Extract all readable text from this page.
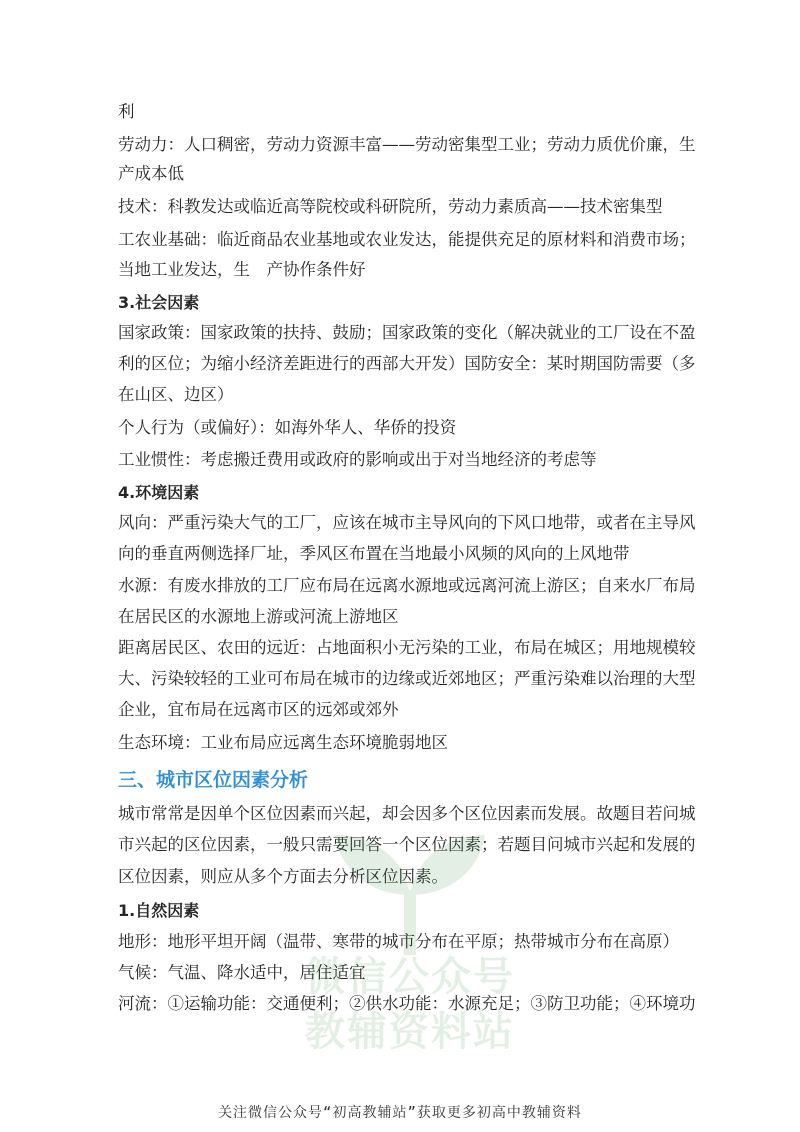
利
劳动力：人口稠密，劳动力资源丰富——劳动密集型工业；劳动力质优价廉，生
产成本低
技术：科教发达或临近高等院校或科研院所，劳动力素质高——技术密集型
工农业基础：临近商品农业基地或农业发达，能提供充足的原材料和消费市场；
当地工业发达，生　产协作条件好
3.社会因素
国家政策：国家政策的扶持、鼓励；国家政策的变化（解决就业的工厂设在不盈
利的区位；为缩小经济差距进行的西部大开发）国防安全：某时期国防需要（多
在山区、边区）
个人行为（或偏好）：如海外华人、华侨的投资
工业惯性：考虑搬迁费用或政府的影响或出于对当地经济的考虑等
4.环境因素
风向：严重污染大气的工厂，应该在城市主导风向的下风口地带，或者在主导风
向的垂直两侧选择厂址，季风区布置在当地最小风频的风向的上风地带
水源：有废水排放的工厂应布局在远离水源地或远离河流上游区；自来水厂布局
在居民区的水源地上游或河流上游地区
距离居民区、农田的远近：占地面积小无污染的工业，布局在城区；用地规模较
大、污染较轻的工业可布局在城市的边缘或近郊地区；严重污染难以治理的大型
企业，宜布局在远离市区的远郊或郊外
生态环境：工业布局应远离生态环境脆弱地区
三、城市区位因素分析
城市常常是因单个区位因素而兴起，却会因多个区位因素而发展。故题目若问城
市兴起的区位因素，一般只需要回答一个区位因素；若题目问城市兴起和发展的
区位因素，则应从多个方面去分析区位因素。
1.自然因素
地形：地形平坦开阔（温带、寒带的城市分布在平原；热带城市分布在高原）
气候：气温、降水适中，居住适宜
河流：①运输功能：交通便利；②供水功能：水源充足；③防卫功能；④环境功
微信公众号
教辅资料站
关注微信公众号“初高教辅站”获取更多初高中教辅资料
